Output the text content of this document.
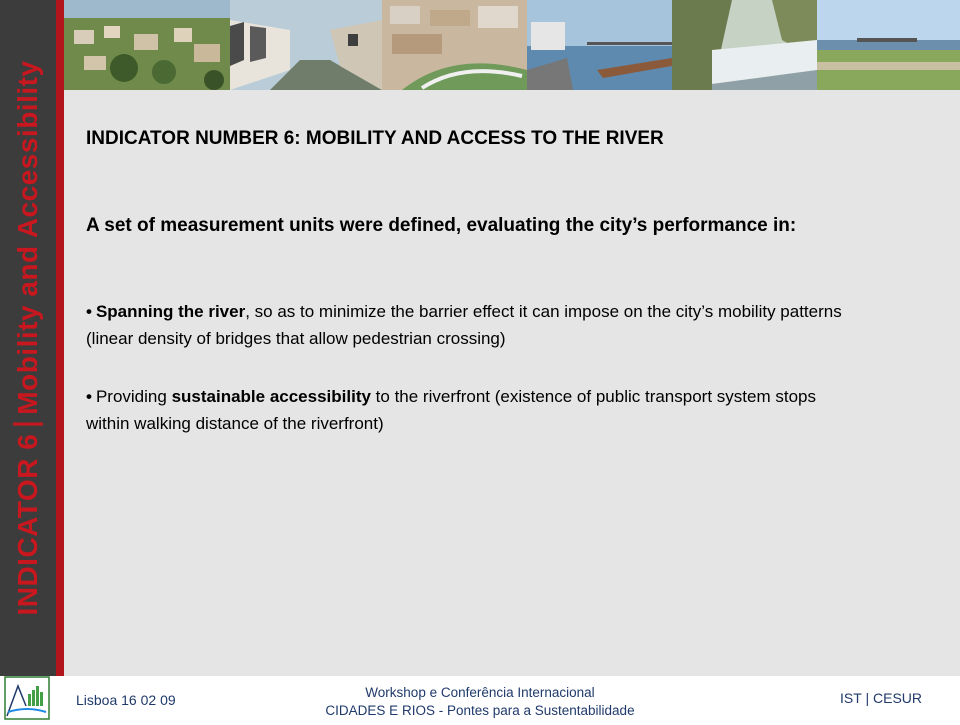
INDICATOR 6Mobility and Accessibility INDICATOR NUMBER 6: MOBILITY AND ACCESS TO THE RIVER
A set of measurement units were defined, evaluating the city’s performance in:
• Spanning the river, so as to minimize the barrier effect it can impose on the city’s mobility patterns (linear density of bridges that allow pedestrian crossing)
• Providing sustainable accessibility to the riverfront (existence of public transport system stops within walking distance of the riverfront)
Lisboa 16 02 09	Workshop e Conferência Internacional
CIDADES E RIOS - Pontes para a Sustentabilidade
IST | CESUR
